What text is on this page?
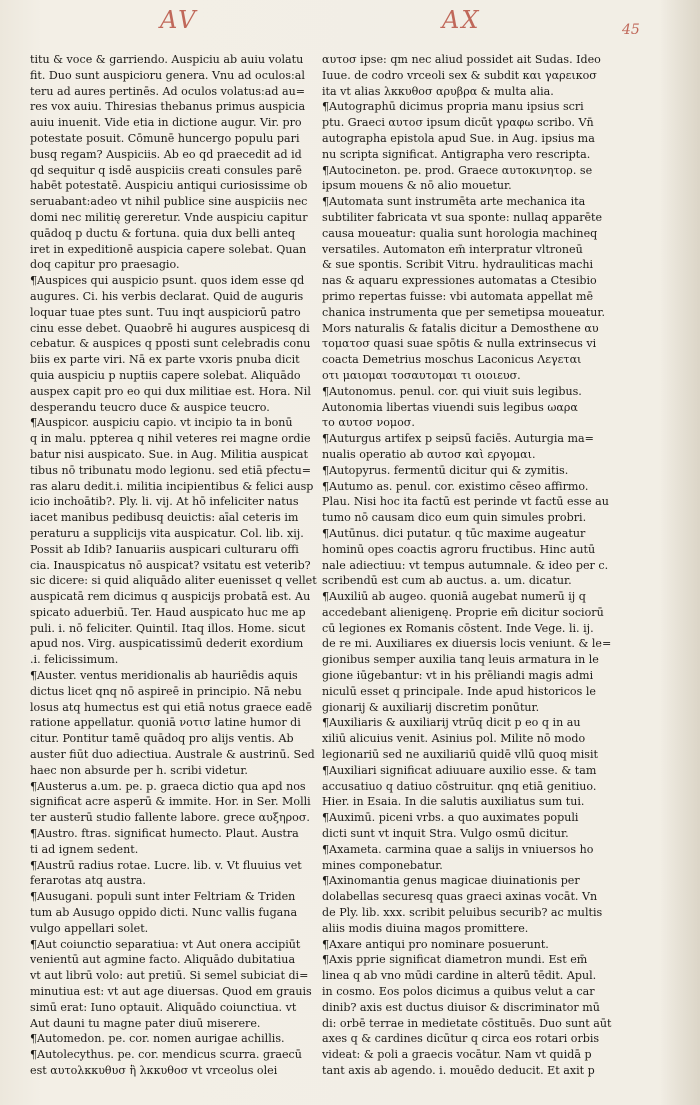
AV	AX	45
titu & voce & garriendo. Auspiciu ab auiu volatu
fit. Duo sunt auspicioru genera. Vnu ad oculos:al
teru ad aures pertinēs. Ad oculos volatus:ad au=
res vox auiu. Thiresias thebanus primus auspicia
auiu inuenit. Vide etia in dictione augur. Vir. pro
potestate posuit. Cōmunē huncergo populu pari
busq regam? Auspiciis. Ab eo qd praecedit ad id
qd sequitur q isdē auspiciis creati consules parē
habēt potestatē. Auspiciu antiqui curiosissime ob
seruabant:adeo vt nihil publice sine auspiciis nec
domi nec militię gereretur. Vnde auspiciu capitur
quādoq p ductu & fortuna. quia dux belli anteq
iret in expeditionē auspicia capere solebat. Quan
doq capitur pro praesagio.
¶Auspices qui auspicio psunt. quos idem esse qd
augures. Ci. his verbis declarat. Quid de auguris
loquar tuae ptes sunt. Tuu inqt auspiciorū patro
cinu esse debet. Quaobrē hi augures auspicesq di
cebatur. & auspices q pposti sunt celebradis conu
biis ex parte viri. Nā ex parte vxoris pnuba dicit
quia auspiciu p nuptiis capere solebat. Aliquādo
auspex capit pro eo qui dux militiae est. Hora. Nil
desperandu teucro duce & auspice teucro.
¶Auspicor. auspiciu capio. vt incipio ta in bonū
q in malu. ppterea q nihil veteres rei magne ordie
batur nisi auspicato. Sue. in Aug. Militia auspicat
tibus nō tribunatu modo legionu. sed etiā pfectu=
ras alaru dedit.i. militia incipientibus & felici ausp
icio inchoātib?. Ply. li. vij. At hō infeliciter natus
iacet manibus pedibusq deuictis: aīal ceteris im
peraturu a supplicijs vita auspicatur. Col. lib. xij.
Possit ab Idib? Ianuariis auspicari culturaru offi
cia. Inauspicatus nō auspicat? vsitatu est veterib?
sic dicere: si quid aliquādo aliter euenisset q vellet
auspicatā rem dicimus q auspicijs probatā est. Au
spicato aduerbiū. Ter. Haud auspicato huc me ap
puli. i. nō feliciter. Quintil. Itaq illos. Home. sicut
apud nos. Virg. auspicatissimū dederit exordium
.i. felicissimum.
¶Auster. ventus meridionalis ab hauriēdis aquis
dictus licet qnq nō aspireē in principio. Nā nebu
losus atq humectus est qui etiā notus graece eadē
ratione appellatur. quoniā νοτισ latine humor di
citur. Pontitur tamē quādoq pro alijs ventis. Ab
auster fiūt duo adiectiua. Australe & austrinū. Sed
haec non absurde per h. scribi videtur.
¶Austerus a.um. pe. p. graeca dictio qua apd nos
significat acre asperū & immite. Hor. in Ser. Molli
ter austerū studio fallente labore. grece αυξηροσ.
¶Austro. ftras. significat humecto. Plaut. Austra
ti ad ignem sedent.
¶Austrū radius rotae. Lucre. lib. v. Vt fluuius vet
ferarotas atq austra.
¶Ausugani. populi sunt inter Feltriam & Triden
tum ab Ausugo oppido dicti. Nunc vallis fugana
vulgo appellari solet.
¶Aut coiunctio separatiua: vt Aut onera accipiūt
venientū aut agmine facto. Aliquādo dubitatiua
vt aut librū volo: aut pretiū. Si semel subiciat di=
minutiua est: vt aut age diuersas. Quod em grauis
simū erat: Iuno optauit. Aliquādo coiunctiua. vt
Aut dauni tu magne pater diuū miserere.
¶Automedon. pe. cor. nomen aurigae achillis.
¶Autolecythus. pe. cor. mendicus scurra. graecū
est αυτολκκυθυσ ἢ λκκυθοσ vt vrceolus olei
αυτοσ ipse: qm nec aliud possidet ait Sudas. Ideo
Iuue. de codro vrceoli sex & subdit και γαρεικοσ
ita vt alias λκκυθοσ αρυβρα & multa alia.
¶Autographū dicimus propria manu ipsius scri
ptu. Graeci αυτοσ ipsum dicūt γραφω scribo. Vn̄
autographa epistola apud Sue. in Aug. ipsius ma
nu scripta significat. Antigrapha vero rescripta.
¶Autocineton. pe. prod. Graece αυτοκινητορ. se
ipsum mouens & nō alio mouetur.
¶Automata sunt instrumēta arte mechanica ita
subtiliter fabricata vt sua sponte: nullaq apparēte
causa moueatur: qualia sunt horologia machineq
versatiles. Automaton em̄ interpratur vltroneū
& sue spontis. Scribit Vitru. hydrauliticas machi
nas & aquaru expressiones automatas a Ctesibio
primo repertas fuisse: vbi automata appellat mē
chanica instrumenta que per semetipsa moueatur.
Mors naturalis & fatalis dicitur a Demosthene αυ
τοματοσ quasi suae spōtis & nulla extrinsecus vi
coacta Demetrius moschus Laconicus Λεγεται
οτι μαιομαι τοσαυτομαι τι οιοιευσ.
¶Autonomus. penul. cor. qui viuit suis legibus.
Autonomia libertas viuendi suis legibus ωαρα
το αυτοσ νομοσ.
¶Auturgus artifex p seipsū faciēs. Auturgia ma=
nualis operatio ab αυτοσ καὶ εργομαι.
¶Autopyrus. fermentū dicitur qui & zymitis.
¶Autumo as. penul. cor. existimo cēseo affirmo.
Plau. Nisi hoc ita factū est perinde vt factū esse au
tumo nō causam dico eum quin simules probri.
¶Autūnus. dici putatur. q tūc maxime augeatur
hominū opes coactis agroru fructibus. Hinc autū
nale adiectiuu: vt tempus autumnale. & ideo per c.
scribendū est cum ab auctus. a. um. dicatur.
¶Auxiliū ab augeo. quoniā augebat numerū ij q
accedebant alienigenę. Proprie em̄ dicitur sociorū
cū legiones ex Romanis cōstent. Inde Vege. li. ij.
de re mi. Auxiliares ex diuersis locis veniunt. & le=
gionibus semper auxilia tanq leuis armatura in le
gione iūgebantur: vt in his prēliandi magis admi
niculū esset q principale. Inde apud historicos le
gionarij & auxiliarij discretim ponūtur.
¶Auxiliaris & auxiliarij vtrūq dicit p eo q in au
xiliū alicuius venit. Asinius pol. Milite nō modo
legionariū sed ne auxiliariū quidē vllū quoq misit
¶Auxiliari significat adiuuare auxilio esse. & tam
accusatiuo q datiuo cōstruitur. qnq etiā genitiuo.
Hier. in Esaia. In die salutis auxiliatus sum tui.
¶Auximū. piceni vrbs. a quo auximates populi
dicti sunt vt inquit Stra. Vulgo osmū dicitur.
¶Axameta. carmina quae a salijs in vniuersos ho
mines componebatur.
¶Axinomantia genus magicae diuinationis per
dolabellas securesq quas graeci axinas vocāt. Vn
de Ply. lib. xxx. scribit peluibus securib? ac multis
aliis modis diuina magos promittere.
¶Axare antiqui pro nominare posuerunt.
¶Axis pprie significat diametron mundi. Est em̄
linea q ab vno mūdi cardine in alterū tēdit. Apul.
in cosmo. Eos polos dicimus a quibus velut a car
dinib? axis est ductus diuisor & discriminator mū
di: orbē terrae in medietate cōstituēs. Duo sunt aūt
axes q & cardines dicūtur q circa eos rotari orbis
videat: & poli a graecis vocātur. Nam vt quidā p
tant axis ab agendo. i. mouēdo deducit. Et axit p
